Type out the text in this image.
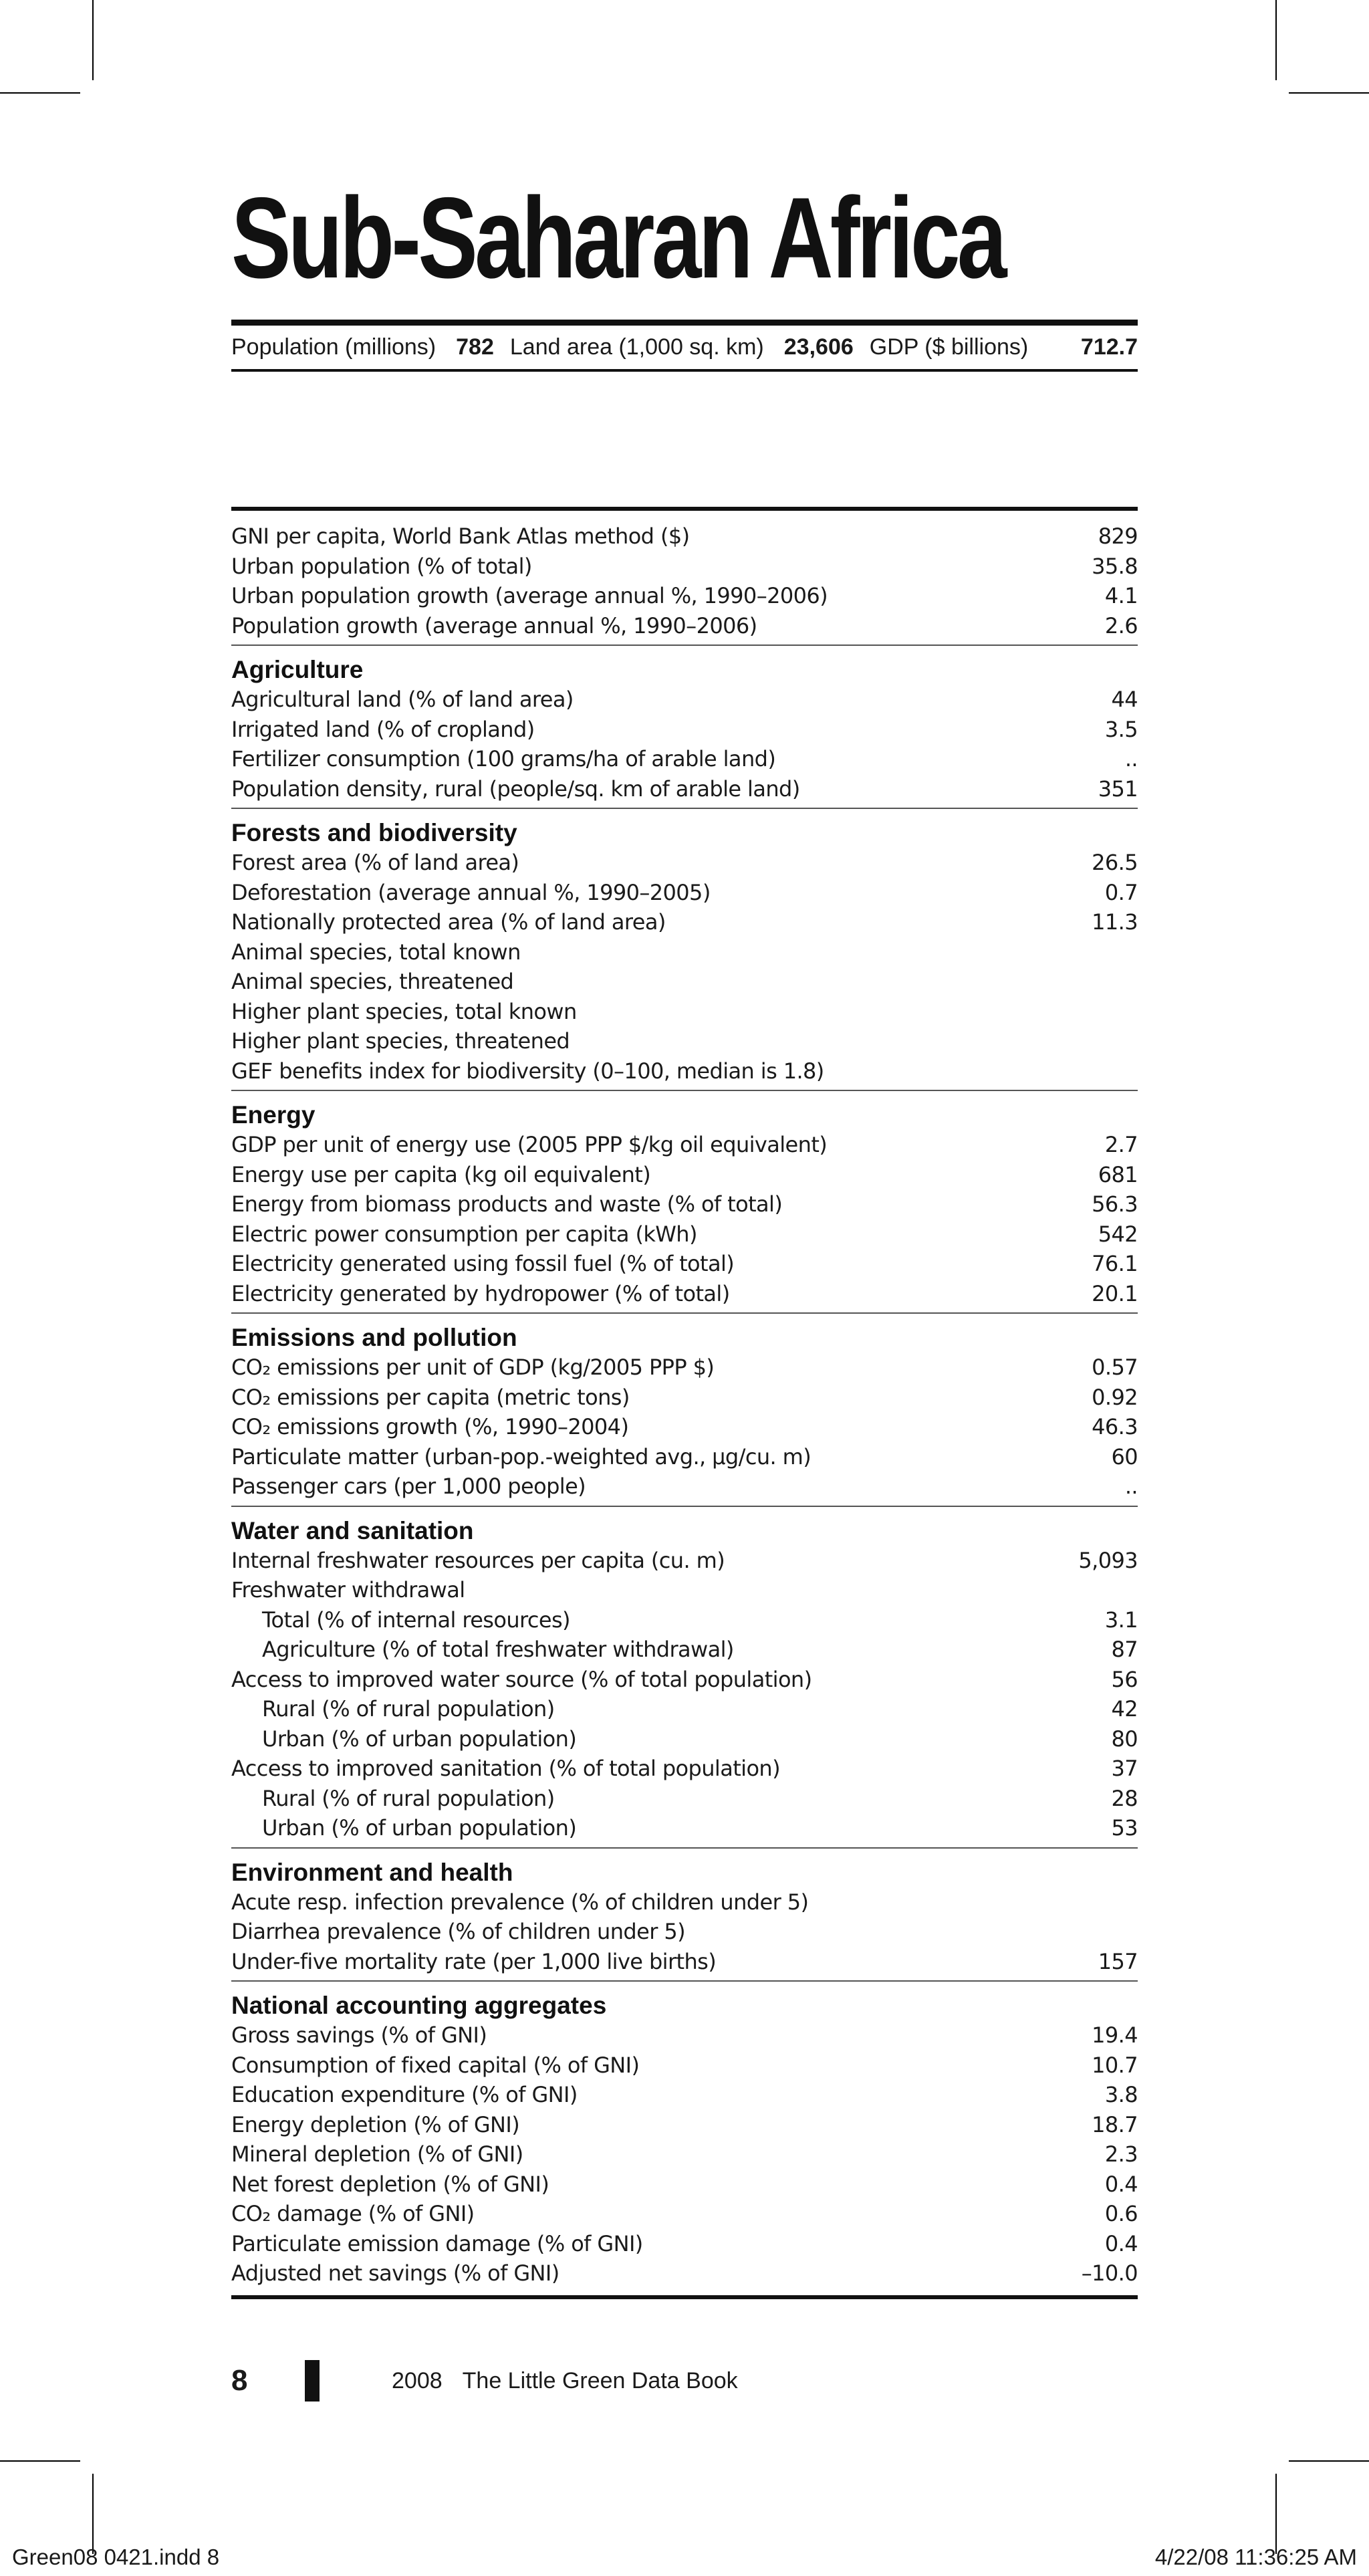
Sub-Saharan Africa
Population (millions) 782 Land area (1,000 sq. km) 23,606 GDP ($ billions) 712.7
GNI per capita, World Bank Atlas method ($)	829
Urban population (% of total)	35.8
Urban population growth (average annual %, 1990–2006)	4.1
Population growth (average annual %, 1990–2006)	2.6
Agriculture
Agricultural land (% of land area)	44
Irrigated land (% of cropland)	3.5
Fertilizer consumption (100 grams/ha of arable land)	..
Population density, rural (people/sq. km of arable land)	351
Forests and biodiversity
Forest area (% of land area)	26.5
Deforestation (average annual %, 1990–2005)	0.7
Nationally protected area (% of land area)	11.3
Animal species, total known
Animal species, threatened
Higher plant species, total known
Higher plant species, threatened
GEF benefits index for biodiversity (0–100, median is 1.8)
Energy
GDP per unit of energy use (2005 PPP $/kg oil equivalent)	2.7
Energy use per capita (kg oil equivalent)	681
Energy from biomass products and waste (% of total)	56.3
Electric power consumption per capita (kWh)	542
Electricity generated using fossil fuel (% of total)	76.1
Electricity generated by hydropower (% of total)	20.1
Emissions and pollution
CO₂ emissions per unit of GDP (kg/2005 PPP $)	0.57
CO₂ emissions per capita (metric tons)	0.92
CO₂ emissions growth (%, 1990–2004)	46.3
Particulate matter (urban-pop.-weighted avg., µg/cu. m)	60
Passenger cars (per 1,000 people)	..
Water and sanitation
Internal freshwater resources per capita (cu. m)	5,093
Freshwater withdrawal
Total (% of internal resources)	3.1
Agriculture (% of total freshwater withdrawal)	87
Access to improved water source (% of total population)	56
Rural (% of rural population)	42
Urban (% of urban population)	80
Access to improved sanitation (% of total population)	37
Rural (% of rural population)	28
Urban (% of urban population)	53
Environment and health
Acute resp. infection prevalence (% of children under 5)
Diarrhea prevalence (% of children under 5)
Under-five mortality rate (per 1,000 live births)	157
National accounting aggregates
Gross savings (% of GNI)	19.4
Consumption of fixed capital (% of GNI)	10.7
Education expenditure (% of GNI)	3.8
Energy depletion (% of GNI)	18.7
Mineral depletion (% of GNI)	2.3
Net forest depletion (% of GNI)	0.4
CO₂ damage (% of GNI)	0.6
Particulate emission damage (% of GNI)	0.4
Adjusted net savings (% of GNI)	–10.0
8	2008 The Little Green Data Book
Green08 0421.indd 8	4/22/08 11:36:25 AM
